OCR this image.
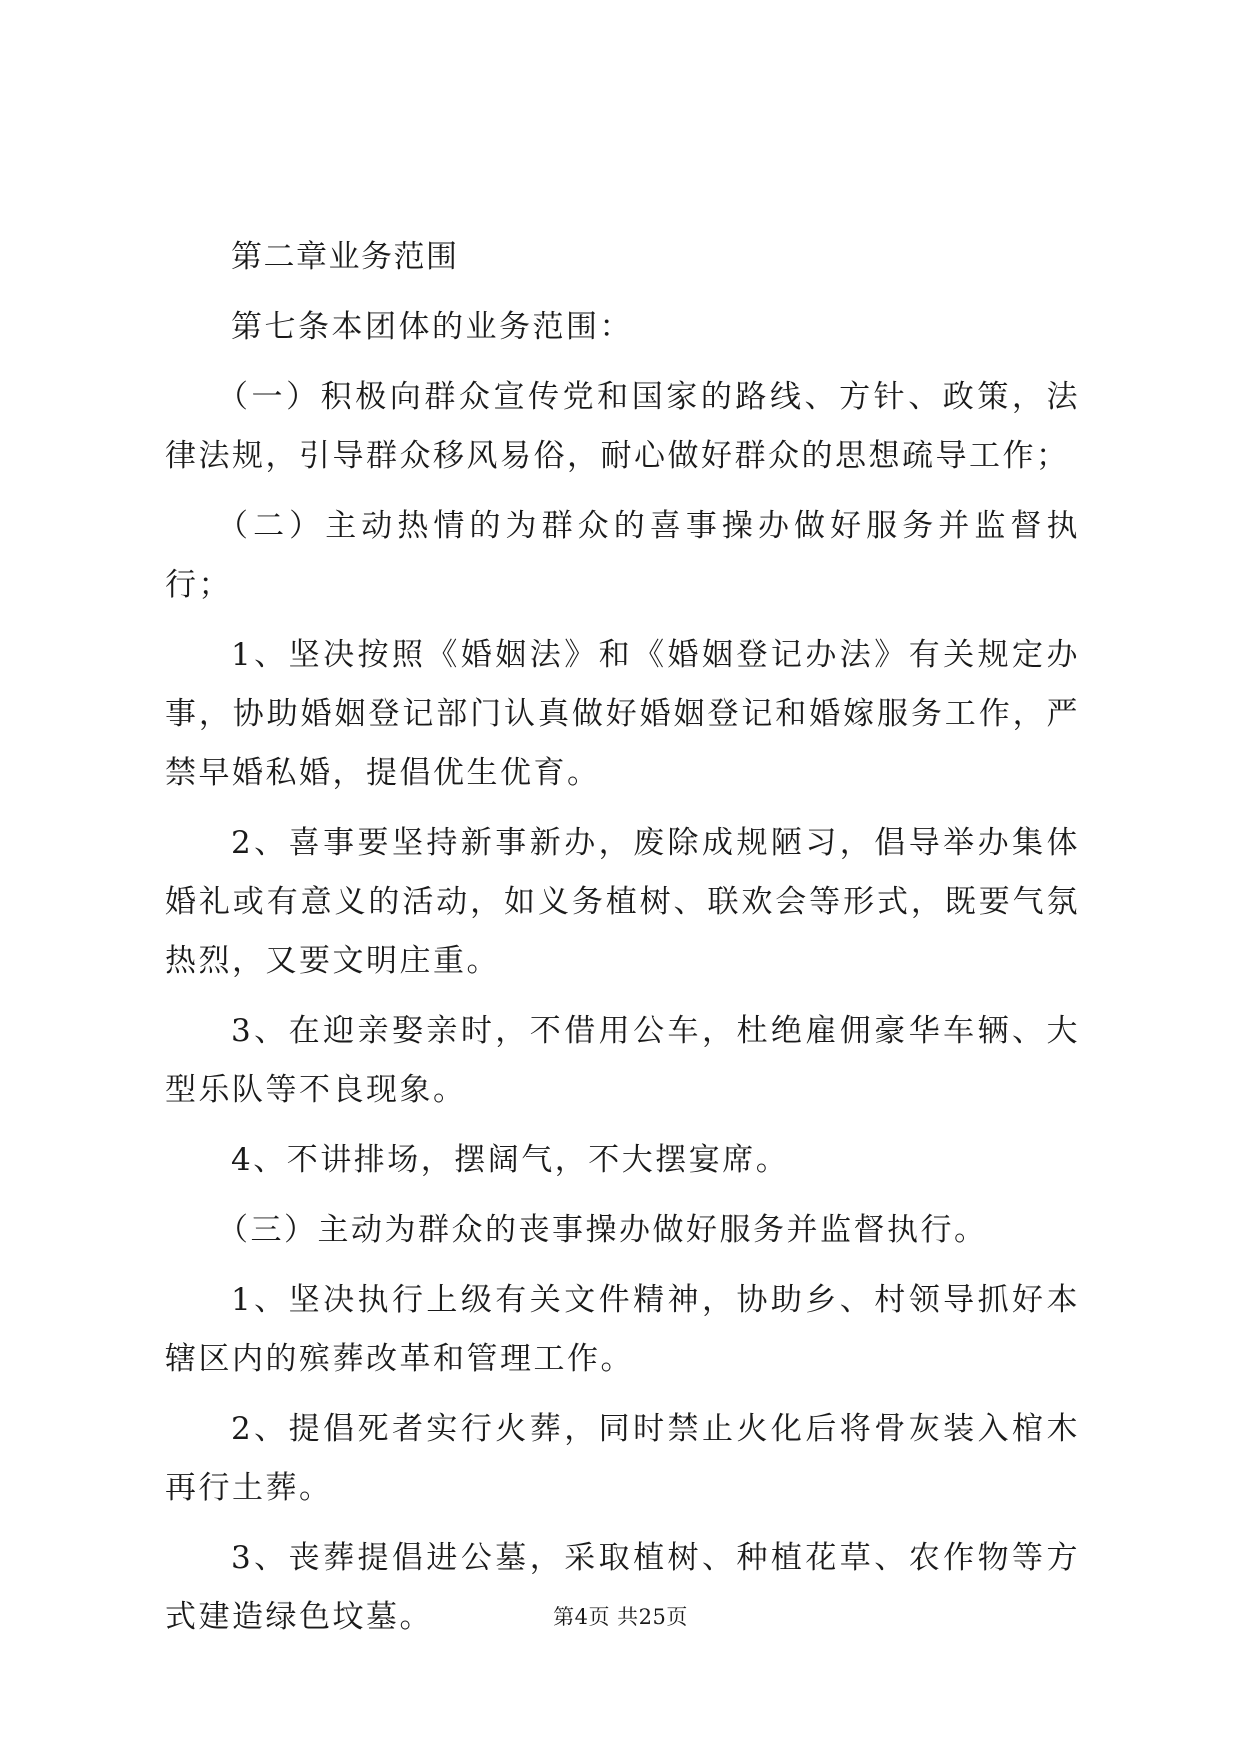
第二章业务范围

第七条本团体的业务范围：

（一）积极向群众宣传党和国家的路线、方针、政策，法律法规，引导群众移风易俗，耐心做好群众的思想疏导工作；

（二）主动热情的为群众的喜事操办做好服务并监督执行；

1、坚决按照《婚姻法》和《婚姻登记办法》有关规定办事，协助婚姻登记部门认真做好婚姻登记和婚嫁服务工作，严禁早婚私婚，提倡优生优育。

2、喜事要坚持新事新办，废除成规陋习，倡导举办集体婚礼或有意义的活动，如义务植树、联欢会等形式，既要气氛热烈，又要文明庄重。

3、在迎亲娶亲时，不借用公车，杜绝雇佣豪华车辆、大型乐队等不良现象。

4、不讲排场，摆阔气，不大摆宴席。

（三）主动为群众的丧事操办做好服务并监督执行。

1、坚决执行上级有关文件精神，协助乡、村领导抓好本辖区内的殡葬改革和管理工作。

2、提倡死者实行火葬，同时禁止火化后将骨灰装入棺木再行土葬。

3、丧葬提倡进公墓，采取植树、种植花草、农作物等方式建造绿色坟墓。	第4页 共25页
